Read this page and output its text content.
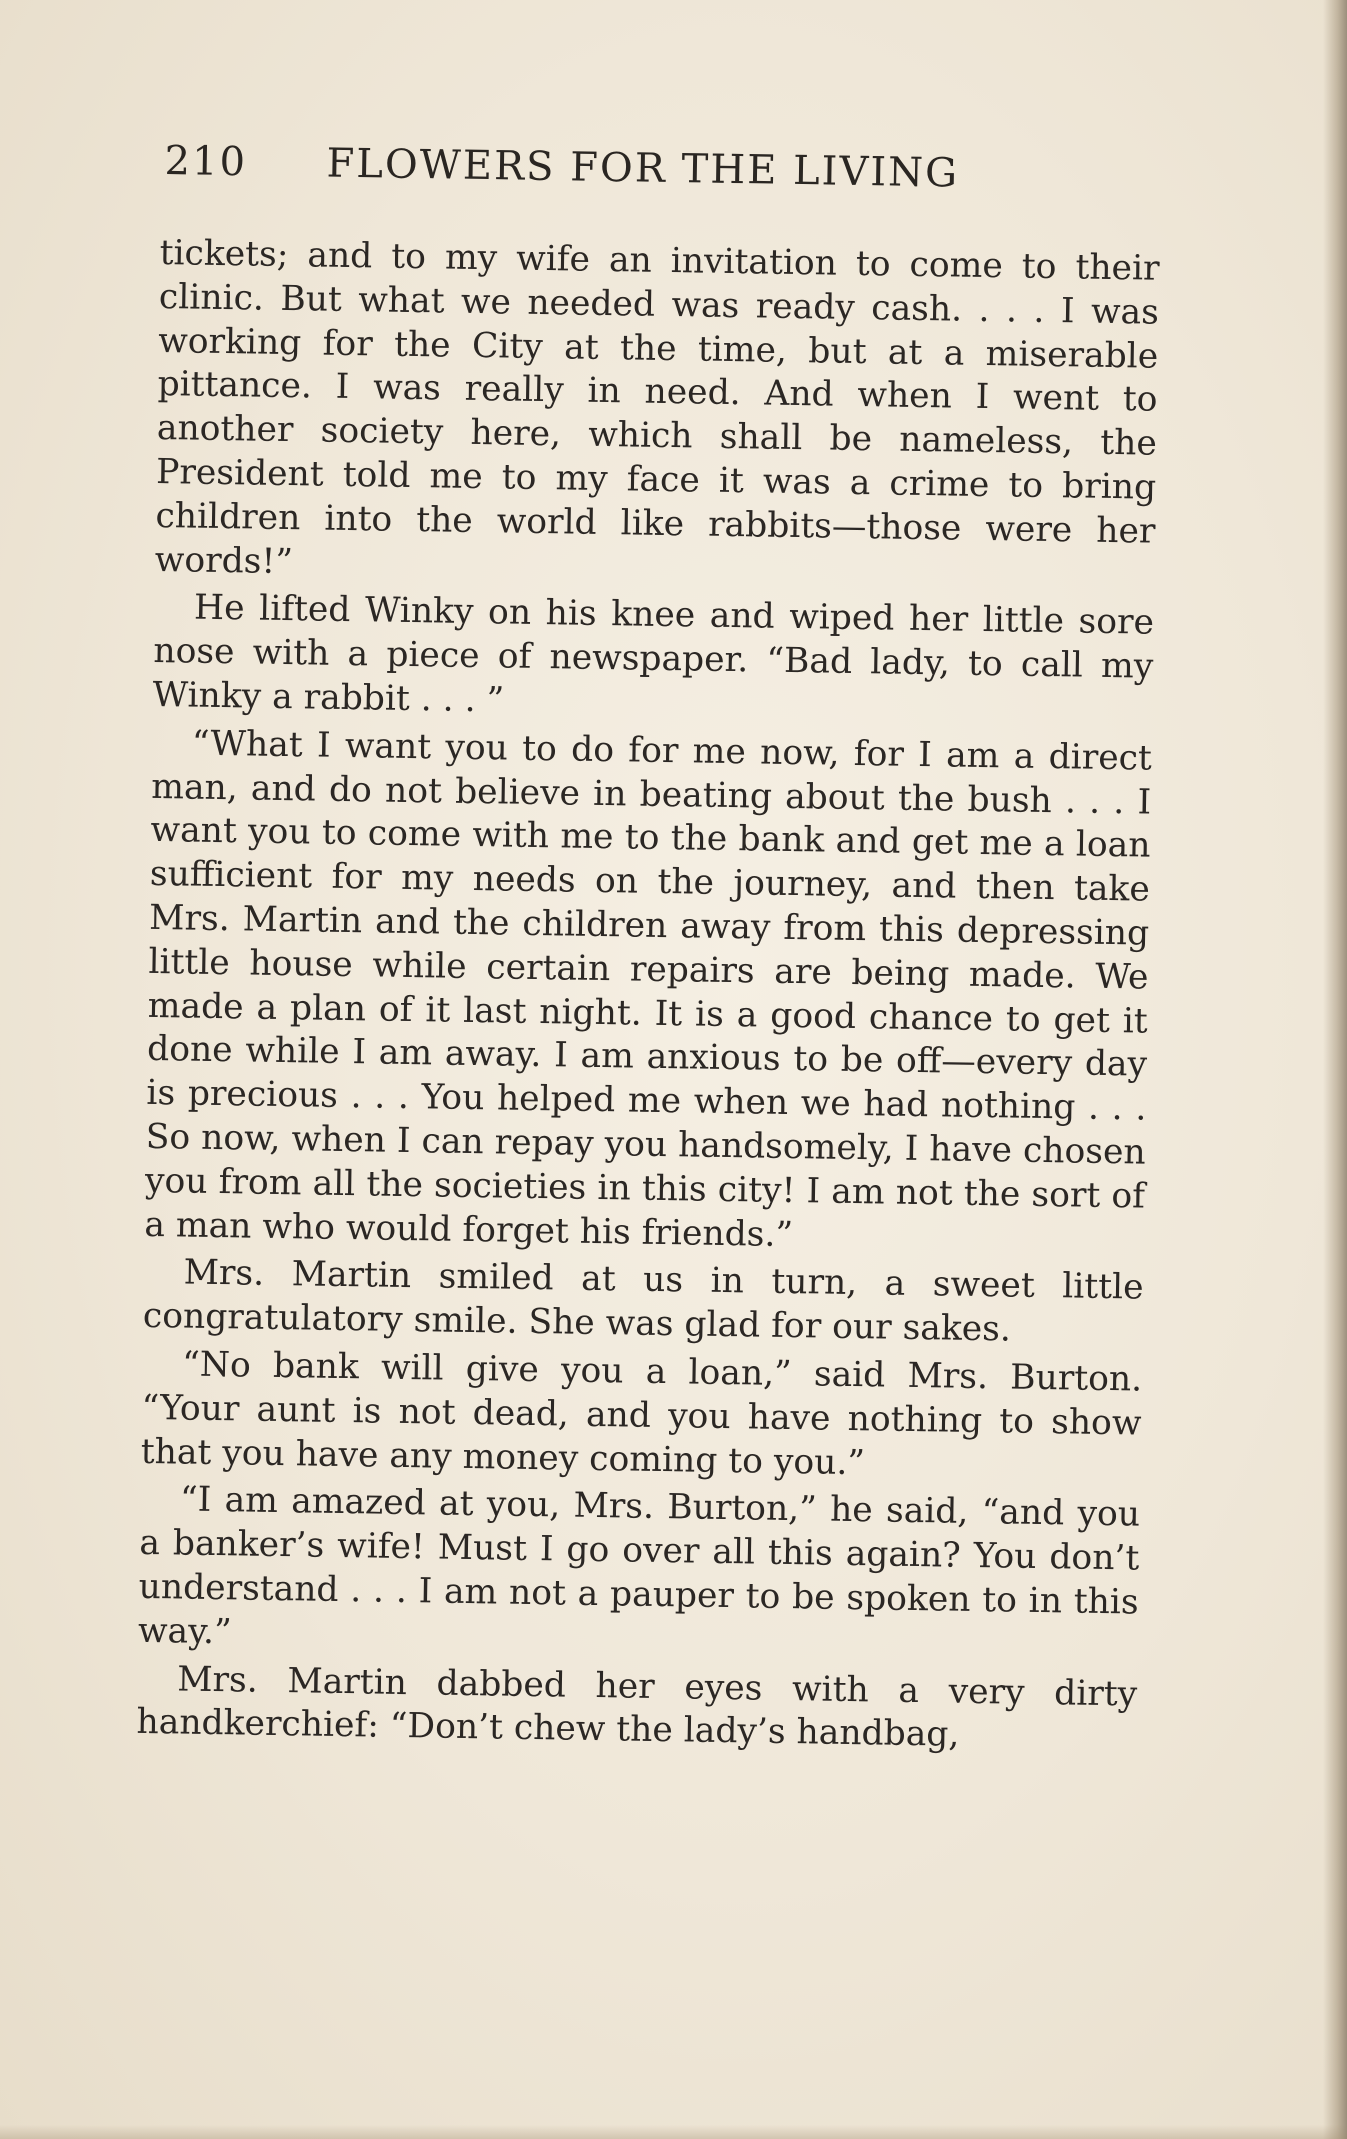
210 FLOWERS FOR THE LIVING

tickets; and to my wife an invitation to come to their clinic. But what we needed was ready cash. . . . I was working for the City at the time, but at a miserable pittance. I was really in need. And when I went to another society here, which shall be nameless, the President told me to my face it was a crime to bring children into the world like rabbits—those were her words!”

He lifted Winky on his knee and wiped her little sore nose with a piece of newspaper. “Bad lady, to call my Winky a rabbit . . . ”

“What I want you to do for me now, for I am a direct man, and do not believe in beating about the bush . . . I want you to come with me to the bank and get me a loan sufficient for my needs on the journey, and then take Mrs. Martin and the children away from this depressing little house while certain repairs are being made. We made a plan of it last night. It is a good chance to get it done while I am away. I am anxious to be off—every day is precious . . . You helped me when we had nothing . . . So now, when I can repay you handsomely, I have chosen you from all the societies in this city! I am not the sort of a man who would forget his friends.”

Mrs. Martin smiled at us in turn, a sweet little congratulatory smile. She was glad for our sakes.

“No bank will give you a loan,” said Mrs. Burton. “Your aunt is not dead, and you have nothing to show that you have any money coming to you.”

“I am amazed at you, Mrs. Burton,” he said, “and you a banker’s wife! Must I go over all this again? You don’t understand . . . I am not a pauper to be spoken to in this way.”

Mrs. Martin dabbed her eyes with a very dirty handkerchief: “Don’t chew the lady’s handbag,
